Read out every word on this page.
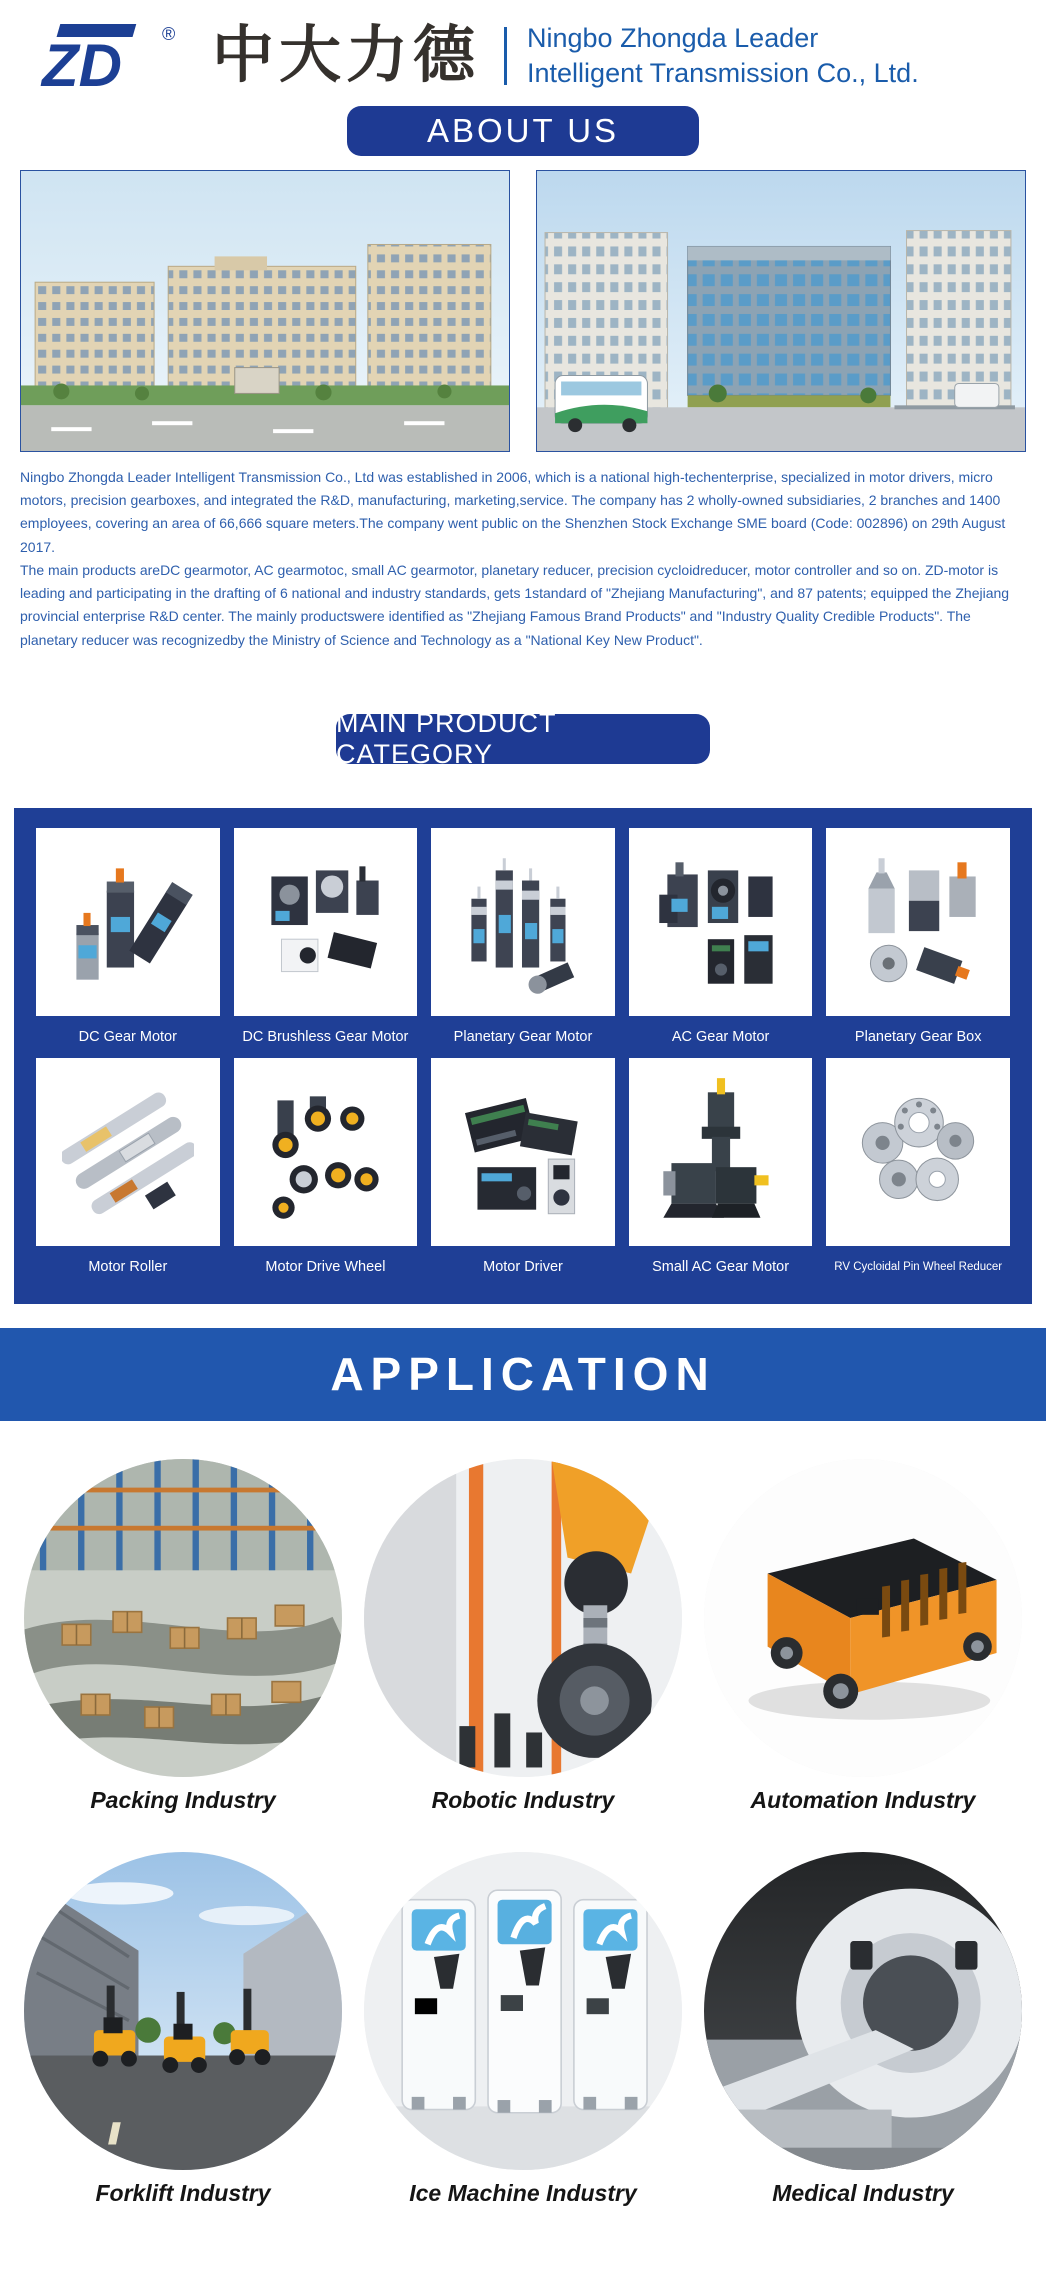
ZD ® 中大力德 Ningbo Zhongda Leader
Intelligent Transmission Co., Ltd.
ABOUT US

Ningbo Zhongda Leader Intelligent Transmission Co., Ltd was established in 2006, which is a national high-techenterprise, specialized in motor drivers, micro motors, precision gearboxes, and integrated the R&D, manufacturing, marketing,service. The company has 2 wholly-owned subsidiaries, 2 branches and 1400 employees, covering an area of 66,666 square meters.The company went public on the Shenzhen Stock Exchange SME board (Code: 002896) on 29th August 2017.

The main products areDC gearmotor, AC gearmotoc, small AC gearmotor, planetary reducer, precision cycloidreducer, motor controller and so on. ZD-motor is leading and participating in the drafting of 6 national and industry standards, gets 1standard of "Zhejiang Manufacturing", and 87 patents; equipped the Zhejiang provincial enterprise R&D center. The mainly productswere identified as "Zhejiang Famous Brand Products" and "Industry Quality Credible Products". The planetary reducer was recognizedby the Ministry of Science and Technology as a "National Key New Product".

MAIN PRODUCT CATEGORY
DC Gear Motor	DC Brushless Gear Motor	Planetary Gear Motor	AC Gear Motor	Planetary Gear Box
Motor Roller	Motor Drive Wheel	Motor Driver	Small AC Gear Motor	RV Cycloidal Pin Wheel Reducer
APPLICATION
Packing Industry	Robotic Industry	Automation Industry
Forklift Industry	Ice Machine Industry	Medical Industry
